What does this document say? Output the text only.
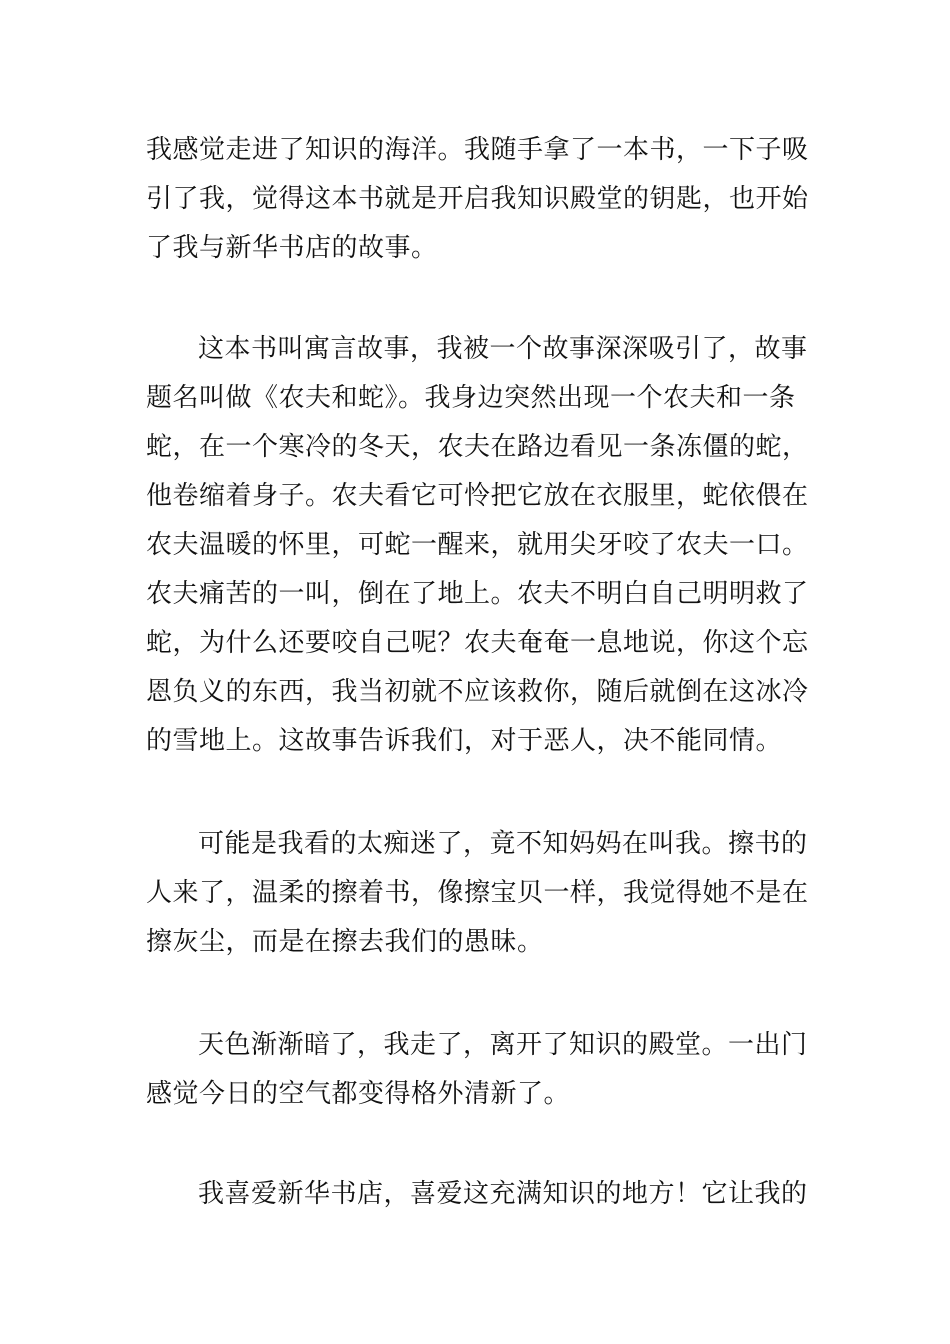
我感觉走进了知识的海洋。我随手拿了一本书，一下子吸
引了我，觉得这本书就是开启我知识殿堂的钥匙，也开始
了我与新华书店的故事。
这本书叫寓言故事，我被一个故事深深吸引了，故事
题名叫做《农夫和蛇》。我身边突然出现一个农夫和一条
蛇，在一个寒冷的冬天，农夫在路边看见一条冻僵的蛇，
他卷缩着身子。农夫看它可怜把它放在衣服里，蛇依偎在
农夫温暖的怀里，可蛇一醒来，就用尖牙咬了农夫一口。
农夫痛苦的一叫，倒在了地上。农夫不明白自己明明救了
蛇，为什么还要咬自己呢？农夫奄奄一息地说，你这个忘
恩负义的东西，我当初就不应该救你，随后就倒在这冰冷
的雪地上。这故事告诉我们，对于恶人，决不能同情。
可能是我看的太痴迷了，竟不知妈妈在叫我。擦书的
人来了，温柔的擦着书，像擦宝贝一样，我觉得她不是在
擦灰尘，而是在擦去我们的愚昧。
天色渐渐暗了，我走了，离开了知识的殿堂。一出门
感觉今日的空气都变得格外清新了。
我喜爱新华书店，喜爱这充满知识的地方！它让我的
